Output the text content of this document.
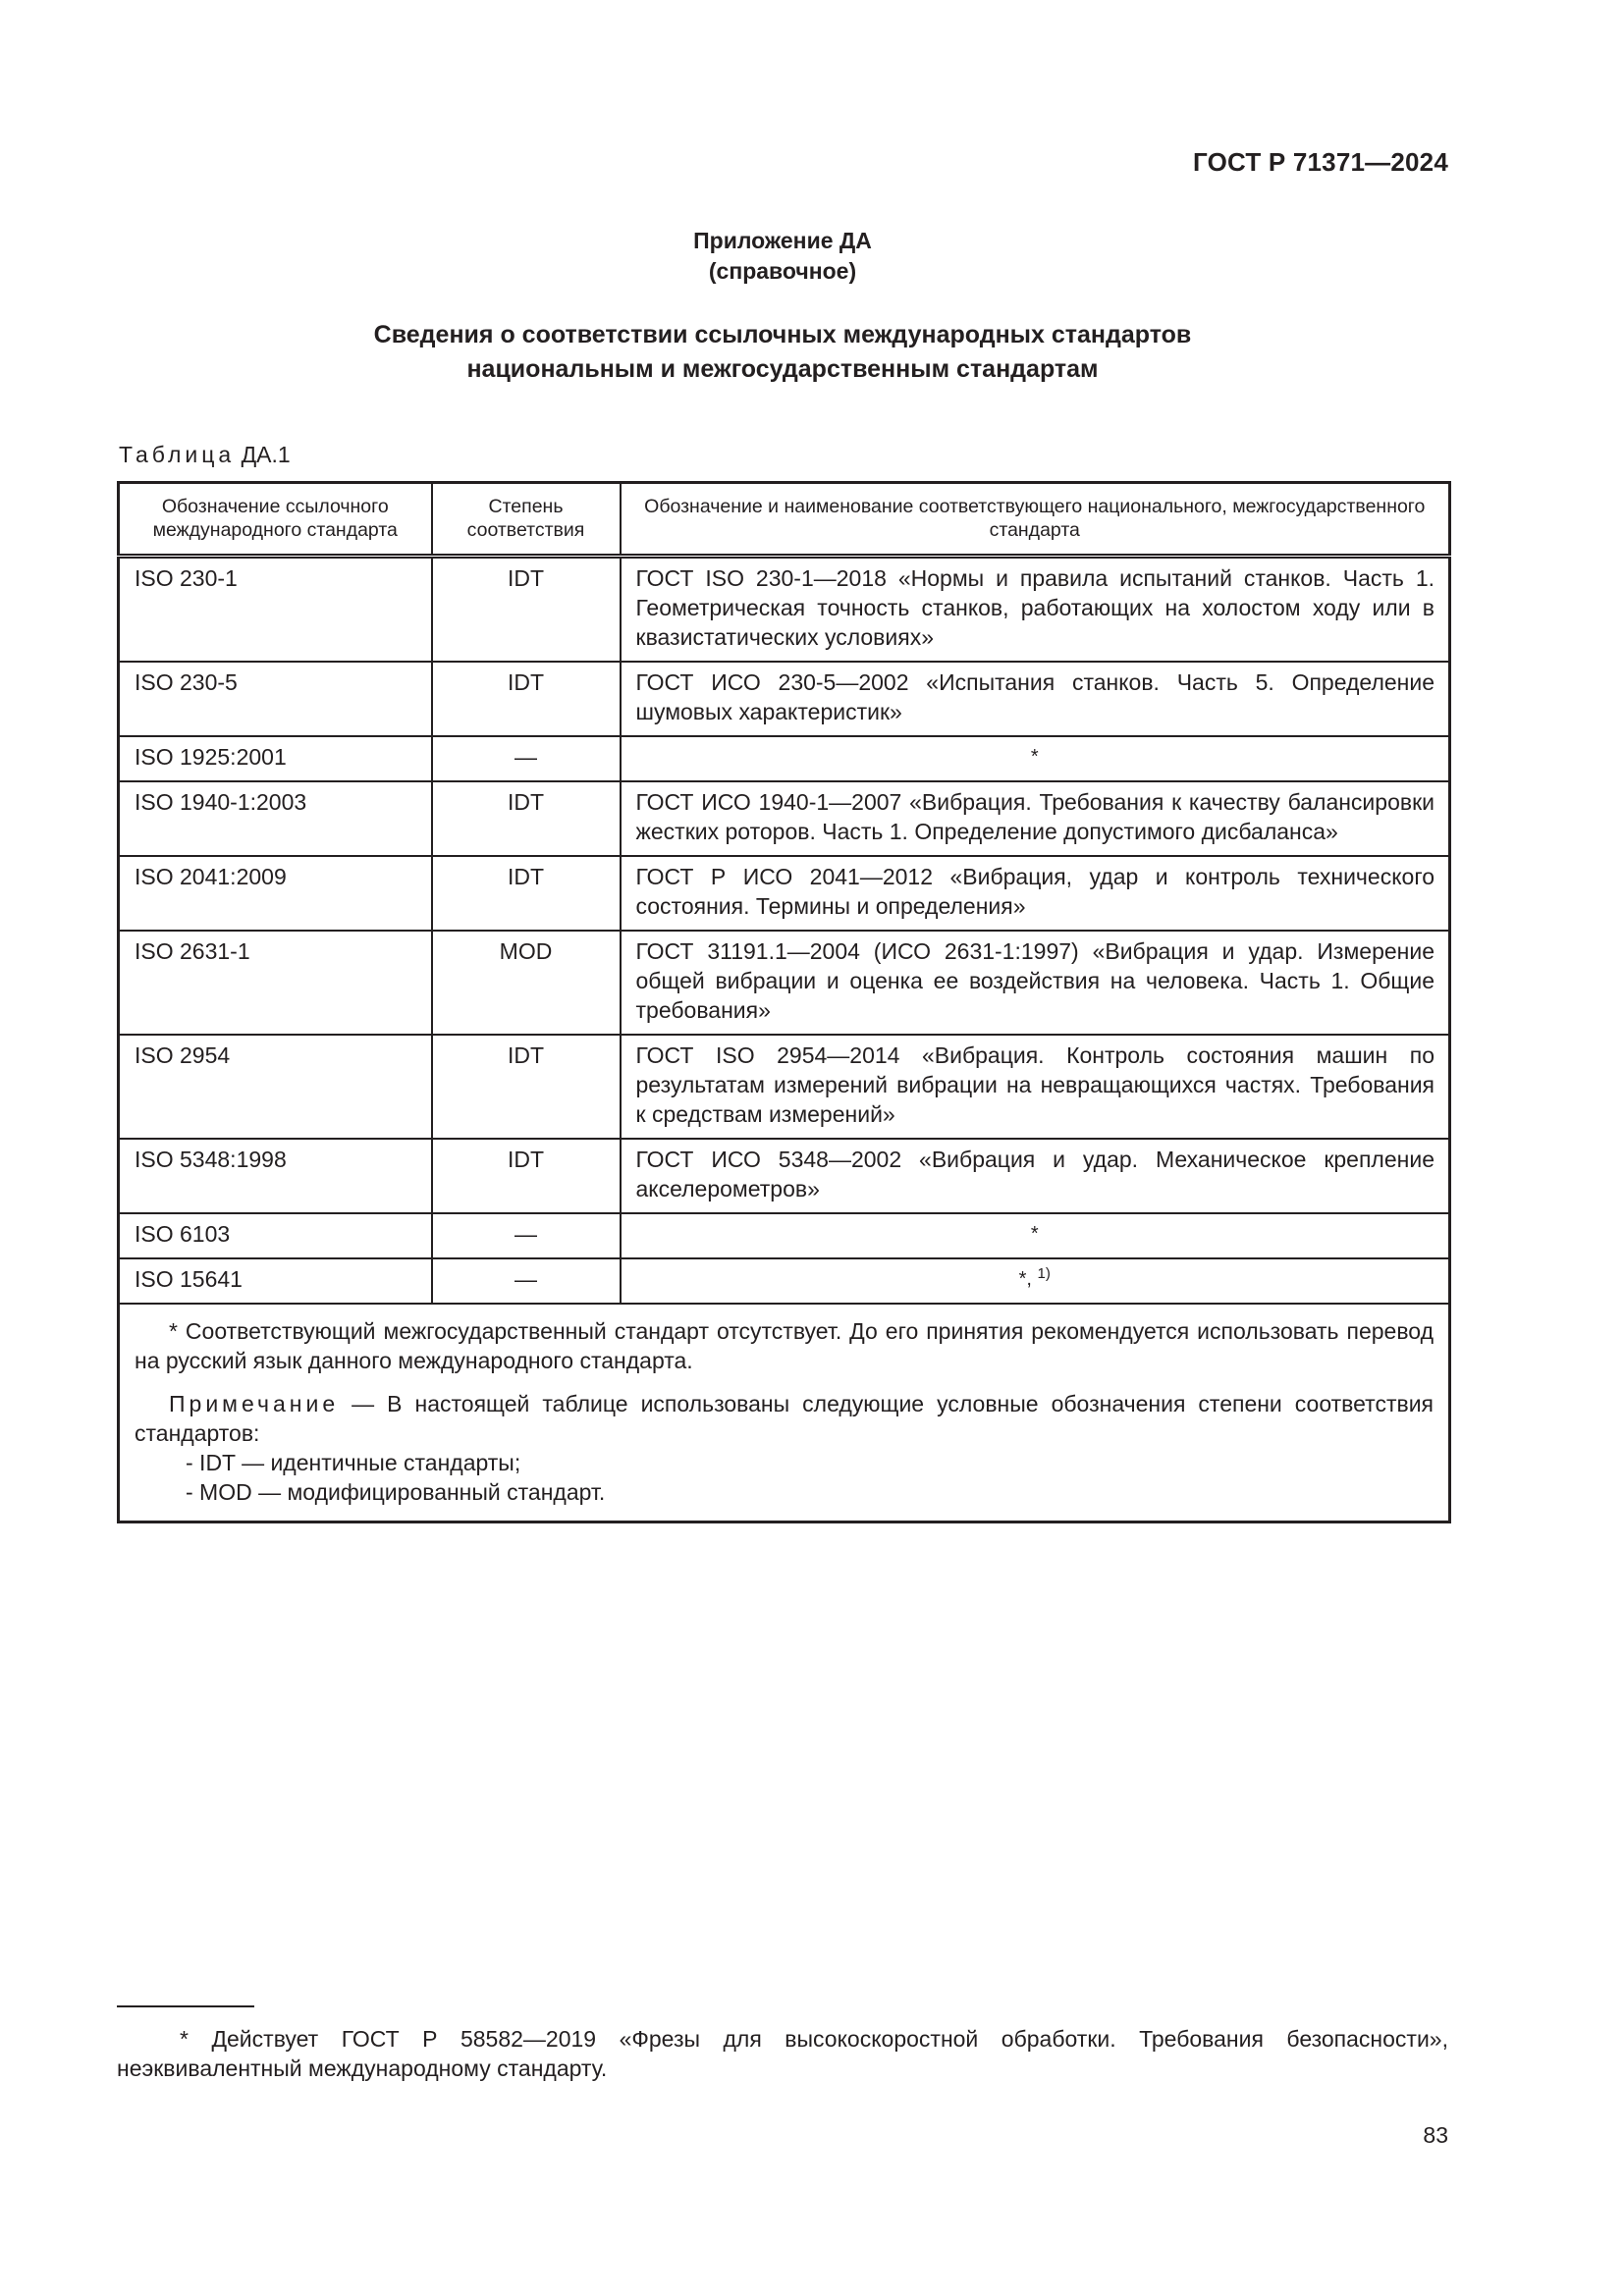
ГОСТ Р 71371—2024
Приложение ДА
(справочное)
Сведения о соответствии ссылочных международных стандартов
национальным и межгосударственным стандартам
Таблица ДА.1
Обозначение ссылочного международного стандарта	Степень соответствия	Обозначение и наименование соответствующего национального, межгосударственного стандарта
ISO 230-1	IDT	ГОСТ ISO 230-1—2018 «Нормы и правила испытаний станков. Часть 1. Геометрическая точность станков, работающих на холостом ходу или в квазистатических условиях»
ISO 230-5	IDT	ГОСТ ИСО 230-5—2002 «Испытания станков. Часть 5. Определение шумовых характеристик»
ISO 1925:2001	—	*
ISO 1940-1:2003	IDT	ГОСТ ИСО 1940-1—2007 «Вибрация. Требования к качеству балансировки жестких роторов. Часть 1. Определение допустимого дисбаланса»
ISO 2041:2009	IDT	ГОСТ Р ИСО 2041—2012 «Вибрация, удар и контроль технического состояния. Термины и определения»
ISO 2631-1	MOD	ГОСТ 31191.1—2004 (ИСО 2631-1:1997) «Вибрация и удар. Измерение общей вибрации и оценка ее воздействия на человека. Часть 1. Общие требования»
ISO 2954	IDT	ГОСТ ISO 2954—2014 «Вибрация. Контроль состояния машин по результатам измерений вибрации на невращающихся частях. Требования к средствам измерений»
ISO 5348:1998	IDT	ГОСТ ИСО 5348—2002 «Вибрация и удар. Механическое крепление акселерометров»
ISO 6103	—	*
ISO 15641	—	*, $^{1)}$

* Соответствующий межгосударственный стандарт отсутствует. До его принятия рекомендуется использовать перевод на русский язык данного международного стандарта.

Примечание — В настоящей таблице использованы следующие условные обозначения степени соответствия стандартов:

- IDT — идентичные стандарты;
- MOD — модифицированный стандарт.		
* Действует ГОСТ Р 58582—2019 «Фрезы для высокоскоростной обработки. Требования безопасности», неэквивалентный международному стандарту.
83
